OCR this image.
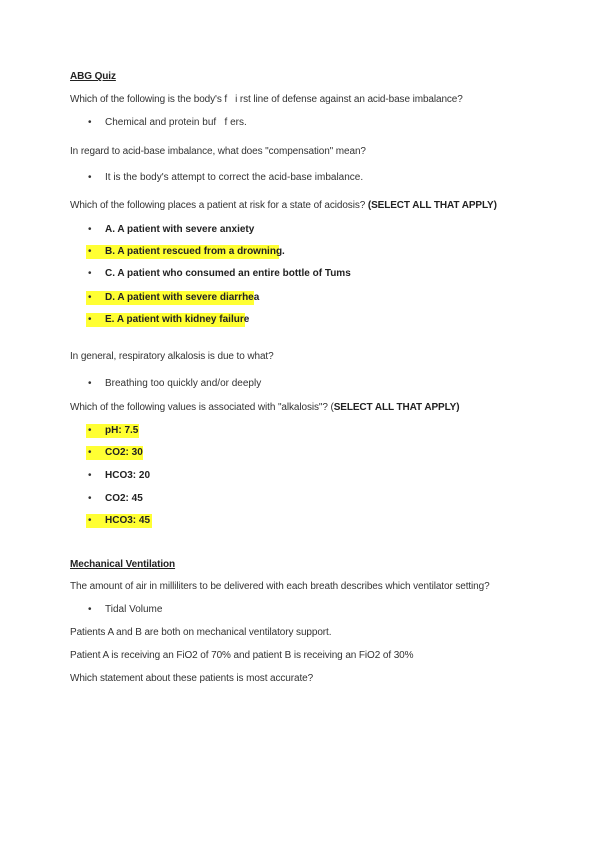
ABG Quiz
Which of the following is the body's f   i rst line of defense against an acid-base imbalance?
• Chemical and protein buf   f ers.
In regard to acid-base imbalance, what does "compensation" mean?
• It is the body's attempt to correct the acid-base imbalance.
Which of the following places a patient at risk for a state of acidosis? (SELECT ALL THAT APPLY)
• A. A patient with severe anxiety
• B. A patient rescued from a drowning.
• C. A patient who consumed an entire bottle of Tums
• D. A patient with severe diarrhea
• E. A patient with kidney failure
In general, respiratory alkalosis is due to what?
• Breathing too quickly and/or deeply
Which of the following values is associated with "alkalosis"? (SELECT ALL THAT APPLY)
• pH: 7.5
• CO2: 30
• HCO3: 20
• CO2: 45
• HCO3: 45
Mechanical Ventilation
The amount of air in milliliters to be delivered with each breath describes which ventilator setting?
• Tidal Volume
Patients A and B are both on mechanical ventilatory support.
Patient A is receiving an FiO2 of 70% and patient B is receiving an FiO2 of 30%
Which statement about these patients is most accurate?
